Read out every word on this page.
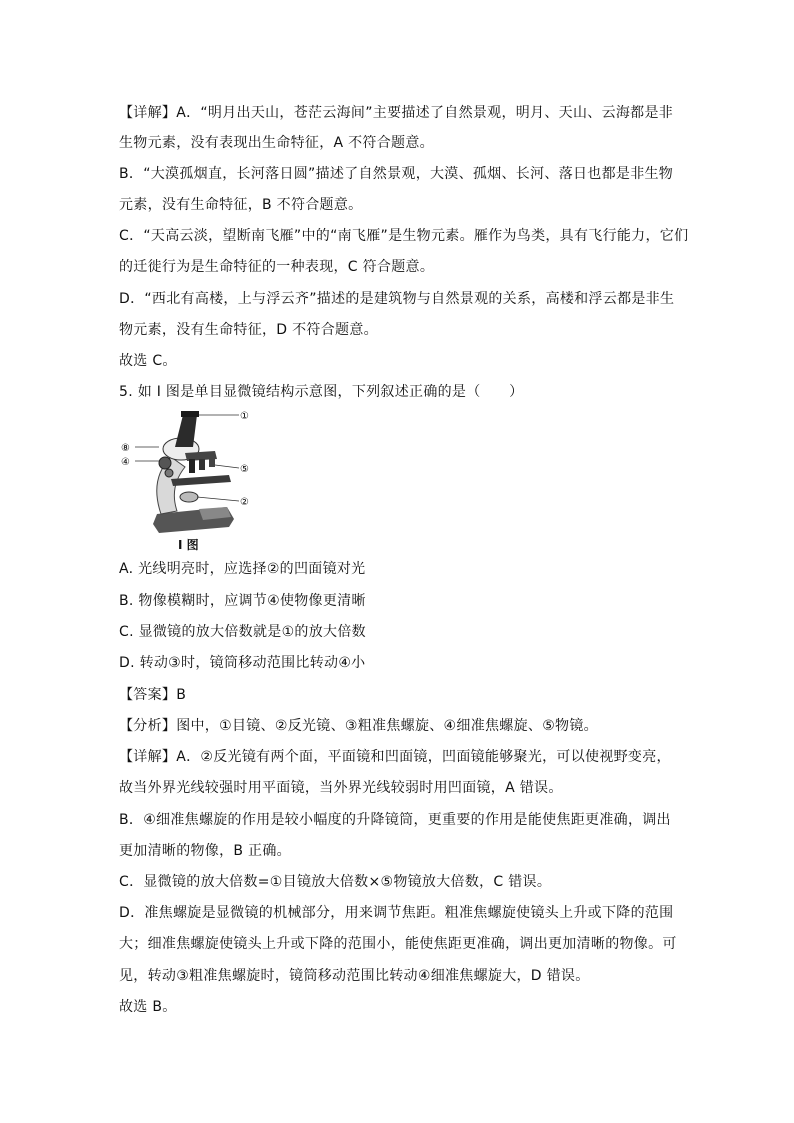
【详解】A．“明月出天山，苍茫云海间”主要描述了自然景观，明月、天山、云海都是非
生物元素，没有表现出生命特征，A 不符合题意。
B．“大漠孤烟直，长河落日圆”描述了自然景观，大漠、孤烟、长河、落日也都是非生物
元素，没有生命特征，B 不符合题意。
C．“天高云淡，望断南飞雁”中的“南飞雁”是生物元素。雁作为鸟类，具有飞行能力，它们
的迁徙行为是生命特征的一种表现，C 符合题意。
D．“西北有高楼，上与浮云齐”描述的是建筑物与自然景观的关系，高楼和浮云都是非生
物元素，没有生命特征，D 不符合题意。
故选 C。
5. 如 I 图是单目显微镜结构示意图，下列叙述正确的是（　　）
①
⑧
④
⑤
②
I 图
A. 光线明亮时，应选择②的凹面镜对光
B. 物像模糊时，应调节④使物像更清晰
C. 显微镜的放大倍数就是①的放大倍数
D. 转动③时，镜筒移动范围比转动④小
【答案】B
【分析】图中，①目镜、②反光镜、③粗准焦螺旋、④细准焦螺旋、⑤物镜。
【详解】A．②反光镜有两个面，平面镜和凹面镜，凹面镜能够聚光，可以使视野变亮，
故当外界光线较强时用平面镜，当外界光线较弱时用凹面镜，A 错误。
B．④细准焦螺旋的作用是较小幅度的升降镜筒，更重要的作用是能使焦距更准确，调出
更加清晰的物像，B 正确。
C．显微镜的放大倍数=①目镜放大倍数×⑤物镜放大倍数，C 错误。
D．准焦螺旋是显微镜的机械部分，用来调节焦距。粗准焦螺旋使镜头上升或下降的范围
大；细准焦螺旋使镜头上升或下降的范围小，能使焦距更准确，调出更加清晰的物像。可
见，转动③粗准焦螺旋时，镜筒移动范围比转动④细准焦螺旋大，D 错误。
故选 B。
